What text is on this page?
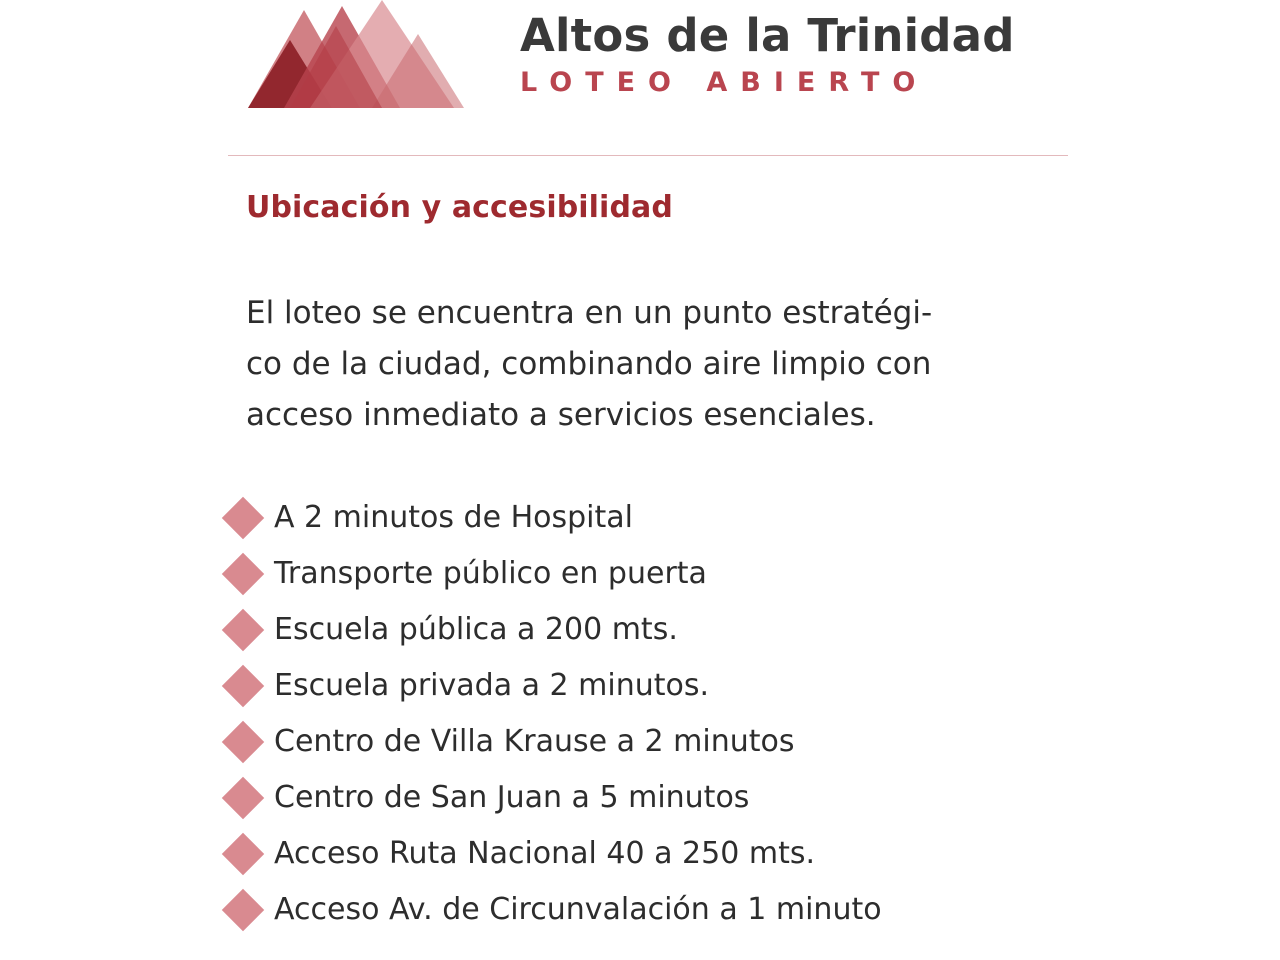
Altos de la Trinidad
LOTEO ABIERTO
Ubicación y accesibilidad
El loteo se encuentra en un punto estratégi-
co de la ciudad, combinando aire limpio con
acceso inmediato a servicios esenciales.
A 2 minutos de Hospital
Transporte público en puerta
Escuela pública a 200 mts.
Escuela privada a 2 minutos.
Centro de Villa Krause a 2 minutos
Centro de San Juan a 5 minutos
Acceso Ruta Nacional 40 a 250 mts.
Acceso Av. de Circunvalación a 1 minuto
